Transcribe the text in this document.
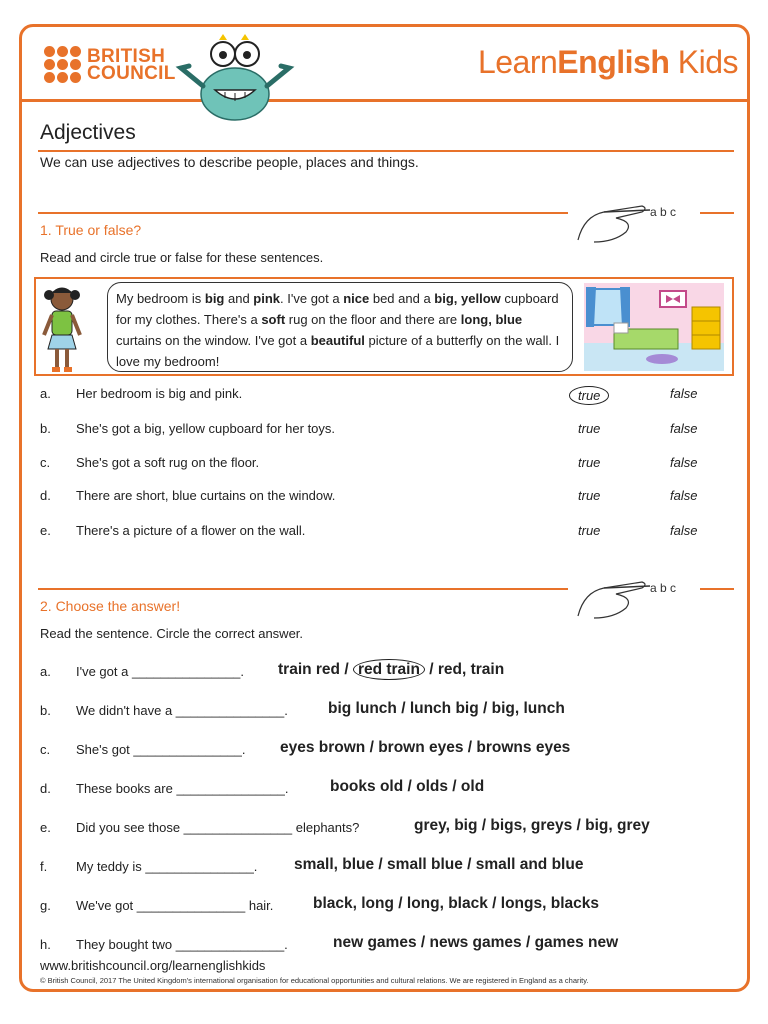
BRITISH
COUNCIL	LearnEnglish Kids
Adjectives
We can use adjectives to describe people, places and things.
a b c
1. True or false?
Read and circle true or false for these sentences.
My bedroom is big and pink. I've got a nice bed and a big, yellow cupboard for my clothes. There's a soft rug on the floor and there are long, blue curtains on the window. I've got a beautiful picture of a butterfly on the wall. I love my bedroom!
a. Her bedroom is big and pink.	true	false
b. She's got a big, yellow cupboard for her toys.	true	false
c. She's got a soft rug on the floor.	true	false
d. There are short, blue curtains on the window.	true	false
e. There's a picture of a flower on the wall.	true	false
a b c
2. Choose the answer!
Read the sentence. Circle the correct answer.
a. I've got a _______________. train red / red train / red, train
b. We didn't have a _______________.	big lunch / lunch big / big, lunch
c. She's got _______________. eyes brown / brown eyes / browns eyes
d. These books are _______________.	books old / olds / old
e. Did you see those _______________ elephants?	grey, big / bigs, greys / big, grey
f. My teddy is _______________. small, blue / small blue / small and blue
g. We've got _______________ hair.	black, long / long, black / longs, blacks
h. They bought two _______________.	new games / news games / games new
www.britishcouncil.org/learnenglishkids
© British Council, 2017 The United Kingdom's international organisation for educational opportunities and cultural relations. We are registered in England as a charity.
